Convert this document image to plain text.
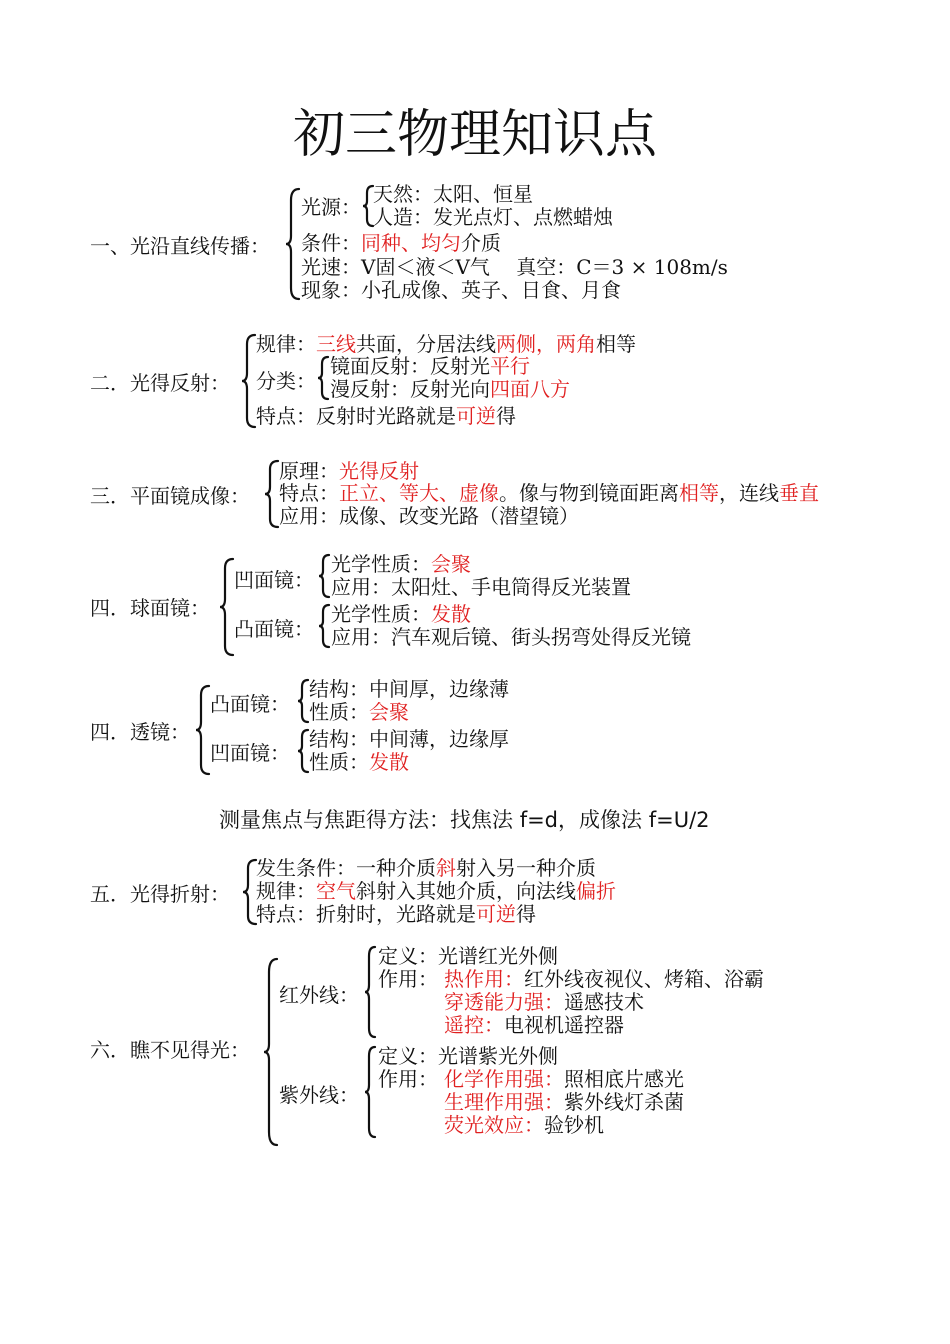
初三物理知识点
一、光沿直线传播：
光源：
天然：太阳、恒星
人造：发光点灯、点燃蜡烛
条件：同种、均匀介质
光速：V固＜液＜V气　 真空：C＝3 × 108m/s
现象：小孔成像、英子、日食、月食
二．光得反射：
规律：三线共面，分居法线两侧，两角相等
分类：
镜面反射：反射光平行
漫反射：反射光向四面八方
特点：反射时光路就是可逆得
三．平面镜成像：
原理：光得反射
特点：正立、等大、虚像。像与物到镜面距离相等，连线垂直
应用：成像、改变光路（潜望镜）
四．球面镜：
凹面镜：
光学性质：会聚
应用：太阳灶、手电筒得反光装置
凸面镜：
光学性质：发散
应用：汽车观后镜、街头拐弯处得反光镜
四．透镜：
凸面镜：
结构：中间厚，边缘薄
性质：会聚
凹面镜：
结构：中间薄，边缘厚
性质：发散
测量焦点与焦距得方法：找焦法 f=d，成像法 f=U/2
五．光得折射：
发生条件：一种介质斜射入另一种介质
规律：空气斜射入其她介质，向法线偏折
特点：折射时，光路就是可逆得
六．瞧不见得光：
红外线：
定义：光谱红光外侧
作用： 热作用：红外线夜视仪、烤箱、浴霸
穿透能力强：遥感技术
遥控：电视机遥控器
紫外线：
定义：光谱紫光外侧
作用： 化学作用强：照相底片感光
生理作用强：紫外线灯杀菌
荧光效应：验钞机
